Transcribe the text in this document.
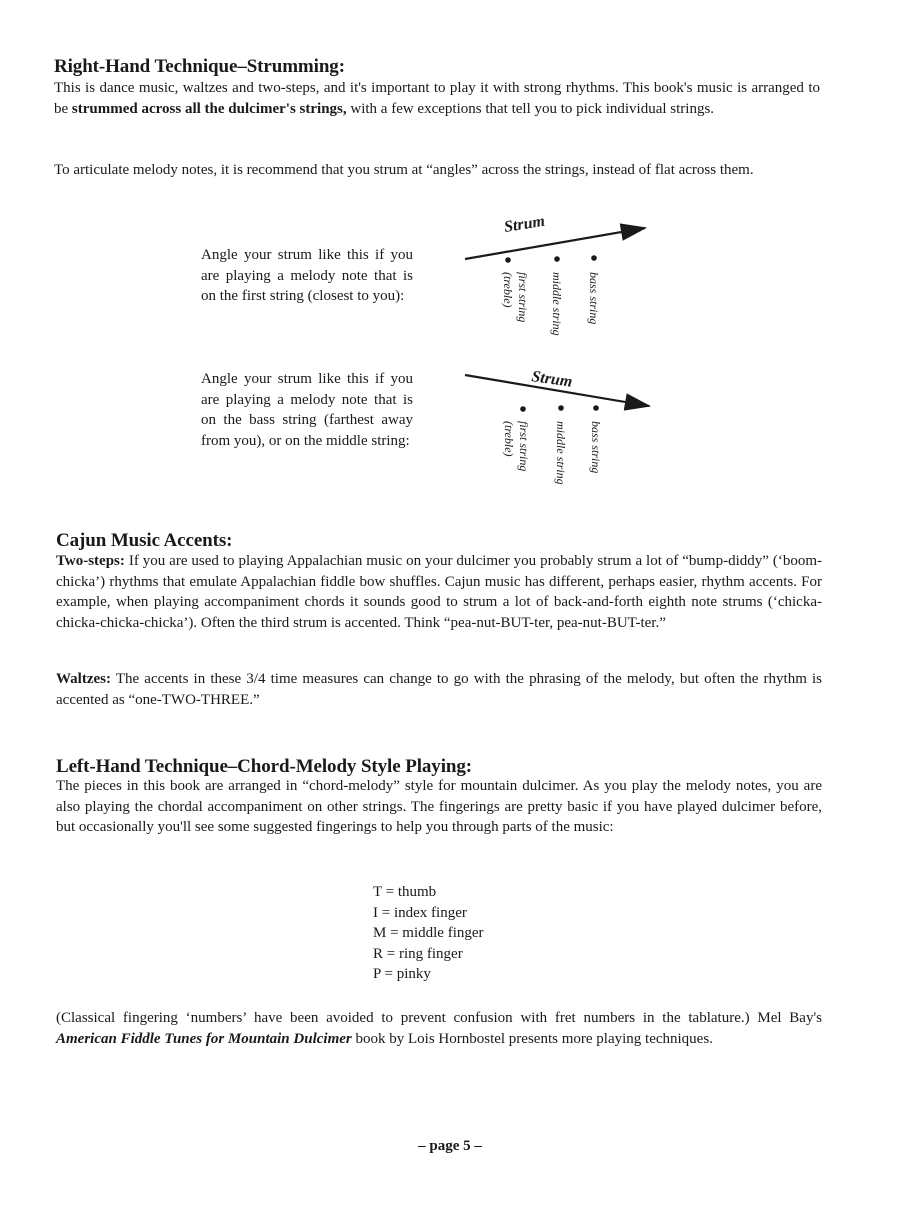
Right-Hand Technique–Strumming:

This is dance music, waltzes and two-steps, and it's important to play it with strong rhythms. This book's music is arranged to be strummed across all the dulcimer's strings, with a few exceptions that tell you to pick individual strings.

To articulate melody notes, it is recommend that you strum at “angles” across the strings, instead of flat across them.

Angle your strum like this if you are playing a melody note that is on the first string (closest to you):

Strum
first string
(treble)	middle string bass string

Angle your strum like this if you are playing a melody note that is on the bass string (farthest away from you), or on the middle string:

Strum
first string
(treble)	middle string bass string
Cajun Music Accents:

Two-steps: If you are used to playing Appalachian music on your dulcimer you probably strum a lot of “bump-diddy” (‘boom-chicka’) rhythms that emulate Appalachian fiddle bow shuffles. Cajun music has different, perhaps easier, rhythm accents. For example, when playing accompaniment chords it sounds good to strum a lot of back-and-forth eighth note strums (‘chicka-chicka-chicka-chicka’). Often the third strum is accented. Think “pea-nut-BUT-ter, pea-nut-BUT-ter.”

Waltzes: The accents in these 3/4 time measures can change to go with the phrasing of the melody, but often the rhythm is accented as “one-TWO-THREE.”

Left-Hand Technique–Chord-Melody Style Playing:

The pieces in this book are arranged in “chord-melody” style for mountain dulcimer. As you play the melody notes, you are also playing the chordal accompaniment on other strings. The fingerings are pretty basic if you have played dulcimer before, but occasionally you'll see some suggested fingerings to help you through parts of the music:

T = thumb
I = index finger
M = middle finger
R = ring finger
P = pinky

(Classical fingering ‘numbers’ have been avoided to prevent confusion with fret numbers in the tablature.) Mel Bay's American Fiddle Tunes for Mountain Dulcimer book by Lois Hornbostel presents more playing techniques.

– page 5 –
